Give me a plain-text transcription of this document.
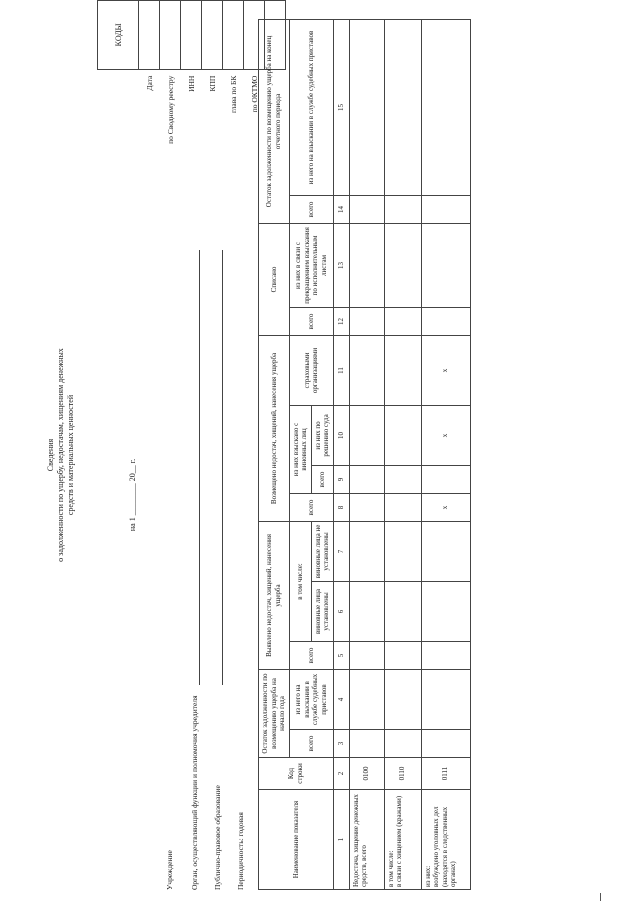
Сведения о задолженности по ущербу, недостачам, хищениям денежных средств и материальных ценностей	на 1 ________ 20__ г.
	КОДЫ
Дата	
по Сводному реестру	
ИНН	
КПП	
глава по БК	
по ОКТМО	

Учреждение Орган, осуществляющий функции и полномочия учредителя Публично-правовое образование Периодичность: годовая	Наименование показателя	Код строки	Остаток задолженности по возмещению ущерба на начало года		Выявлено недостач, хищений, нанесения ущерба			Возмещено недостач, хищений, нанесения ущерба				Списано		Остаток задолженности по возмещению ущерба на конец отчетного периода	
		всего	из него на взыскании в службе судебных приставов	всего	в том числе:		всего	из них взыскано с виновных лиц		страховыми организациями	всего	из них в связи с прекращением взыскания по исполнительным листам	всего	из него на взыскании в службе судебных приставов
					виновные лица установлены	виновные лица не установлены		всего	из них по решению суда					
1	2	3	4	5	6	7	8	9	10	11	12	13	14	15
Недостача, хищение денежных средств, всего	0100													
в том числе:
в связи с хищением (кражами)	0110													
из них:
возбуждено уголовных дел (находятся в следственных органах)	0111						x		x	x				
